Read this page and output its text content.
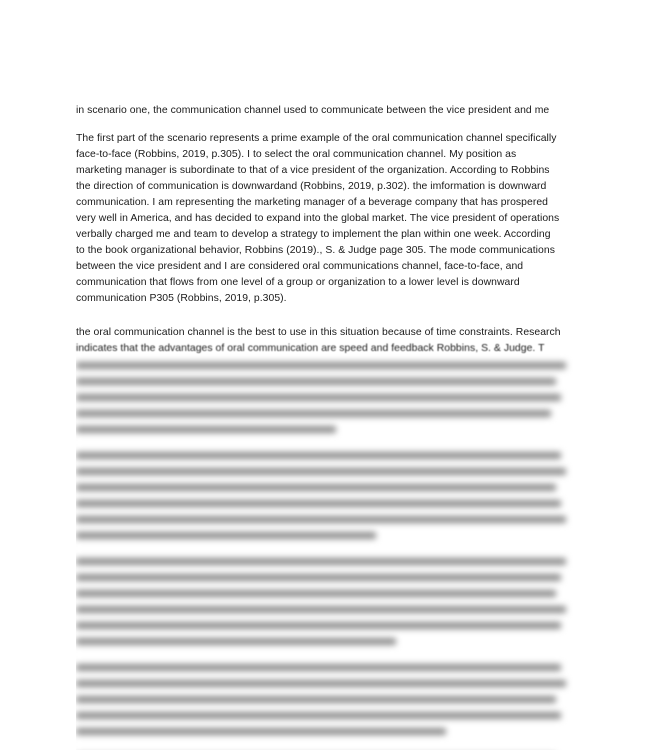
in scenario one, the communication channel used to communicate between the vice president and me
The first part of the scenario represents a prime example of the oral communication channel specifically
face-to-face (Robbins, 2019, p.305). I to select the oral communication channel. My position as
marketing manager is subordinate to that of a vice president of the organization. According to Robbins
the direction of communication is downwardand (Robbins, 2019, p.302). the imformation is downward
communication. I am representing the marketing manager of a beverage company that has prospered
very well in America, and has decided to expand into the global market. The vice president of operations
verbally charged me and team to develop a strategy to implement the plan within one week. According
to the book organizational behavior, Robbins (2019)., S. & Judge page 305. The mode communications
between the vice president and I are considered oral communications channel, face-to-face, and
communication that flows from one level of a group or organization to a lower level is downward
communication P305 (Robbins, 2019, p.305).
the oral communication channel is the best to use in this situation because of time constraints. Research
indicates that the advantages of oral communication are speed and feedback Robbins, S. & Judge. T
